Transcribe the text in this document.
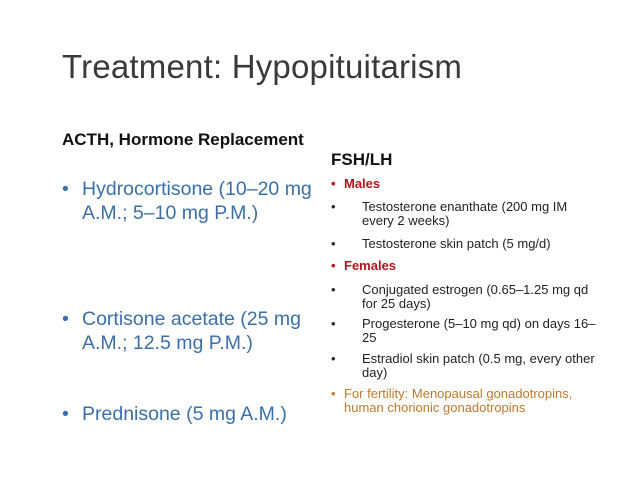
Treatment: Hypopituitarism
ACTH, Hormone Replacement
• Hydrocortisone (10–20 mg A.M.; 5–10 mg P.M.)
• Cortisone acetate (25 mg A.M.; 12.5 mg P.M.)
• Prednisone (5 mg A.M.)
FSH/LH
• Males
•	Testosterone enanthate (200 mg IM every 2 weeks)
•	Testosterone skin patch (5 mg/d)
• Females
•	Conjugated estrogen (0.65–1.25 mg qd for 25 days)
•	Progesterone (5–10 mg qd) on days 16–25
•	Estradiol skin patch (0.5 mg, every other day)
• For fertility: Menopausal gonadotropins, human chorionic gonadotropins
